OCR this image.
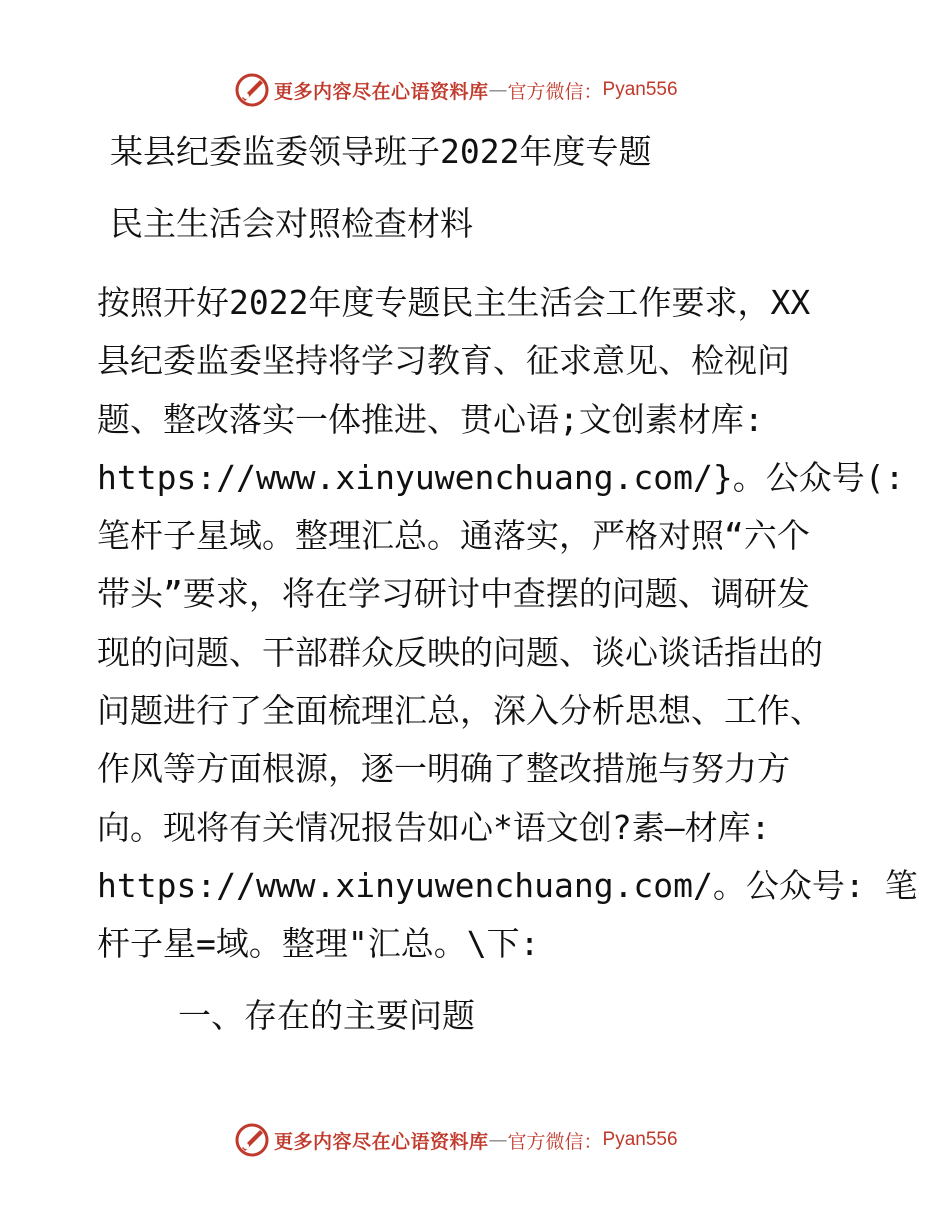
更多内容尽在心语资料库 — 官方微信： Pyan556
某县纪委监委领导班子2022年度专题
民主生活会对照检查材料
按照开好2022年度专题民主生活会工作要求，XX
县纪委监委坚持将学习教育、征求意见、检视问
题、整改落实一体推进、贯心语;文创素材库:
https://www.xinyuwenchuang.com/}。公众号(:
笔杆子星域。整理汇总。通落实，严格对照“六个
带头”要求，将在学习研讨中查摆的问题、调研发
现的问题、干部群众反映的问题、谈心谈话指出的
问题进行了全面梳理汇总，深入分析思想、工作、
作风等方面根源，逐一明确了整改措施与努力方
向。现将有关情况报告如心*语文创?素—材库:
https://www.xinyuwenchuang.com/。公众号: 笔
杆子星=域。整理"汇总。\下:
一、存在的主要问题
更多内容尽在心语资料库 — 官方微信： Pyan556
